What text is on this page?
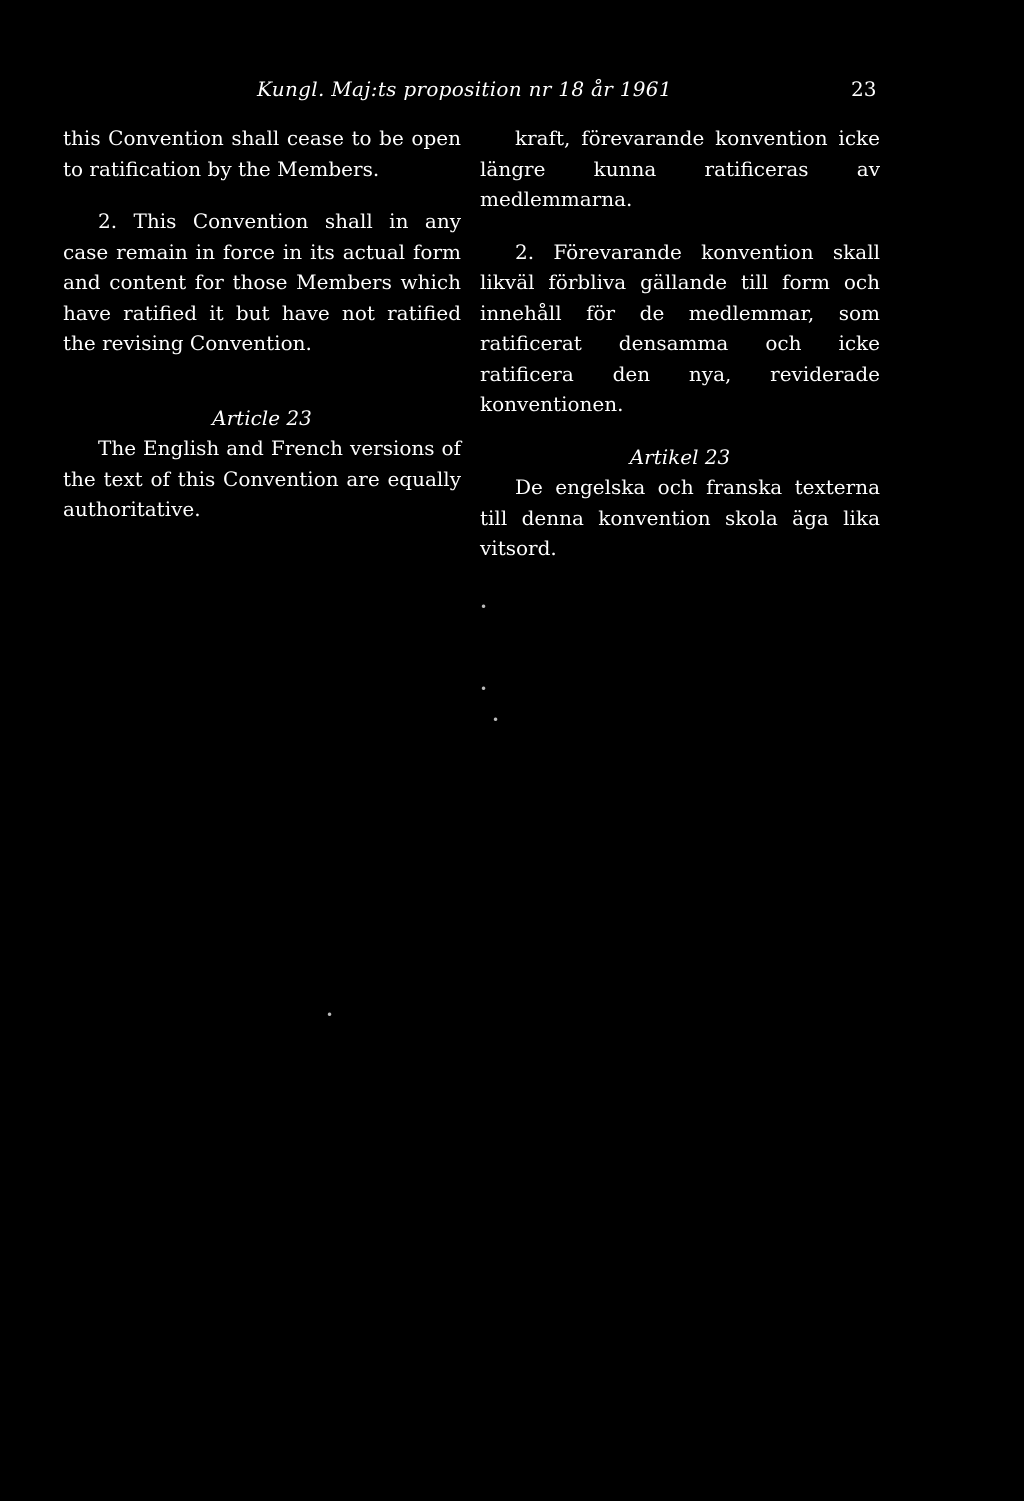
Kungl. Maj:ts proposition nr 18 år 1961	23

this Convention shall cease to be open to ratification by the Members.

2. This Convention shall in any case remain in force in its actual form and content for those Members which have ratified it but have not ratified the revising Convention.

Article 23

The English and French versions of the text of this Convention are equally authoritative.

kraft, förevarande konvention icke längre kunna ratificeras av medlemmarna.

2. Förevarande konvention skall likväl förbliva gällande till form och innehåll för de medlemmar, som ratificerat densamma och icke ratificera den nya, reviderade konventionen.

Artikel 23

De engelska och franska texterna till denna konvention skola äga lika vitsord.

•
•
•
•
